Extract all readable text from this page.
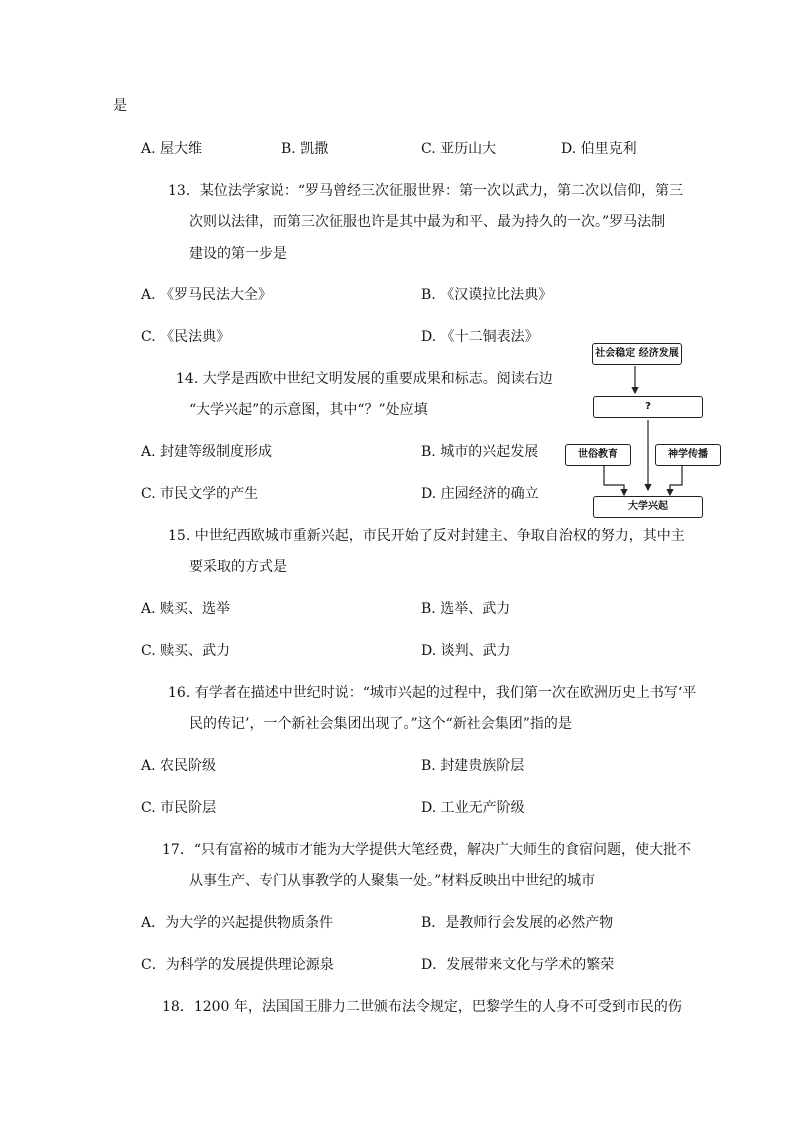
是
A. 屋大维	B. 凯撒	C. 亚历山大	D. 伯里克利
13．某位法学家说：“罗马曾经三次征服世界：第一次以武力，第二次以信仰，第三
次则以法律，而第三次征服也许是其中最为和平、最为持久的一次。”罗马法制
建设的第一步是
A. 《罗马民法大全》	B. 《汉谟拉比法典》
C. 《民法典》	D. 《十二铜表法》
14. 大学是西欧中世纪文明发展的重要成果和标志。阅读右边
“大学兴起”的示意图，其中“？”处应填
A. 封建等级制度形成	B. 城市的兴起发展
C. 市民文学的产生	D. 庄园经济的确立
15. 中世纪西欧城市重新兴起，市民开始了反对封建主、争取自治权的努力，其中主
要采取的方式是
A. 赎买、选举	B. 选举、武力
C. 赎买、武力	D. 谈判、武力
16. 有学者在描述中世纪时说：“城市兴起的过程中，我们第一次在欧洲历史上书写‘平
民的传记’，一个新社会集团出现了。”这个“新社会集团”指的是
A. 农民阶级	B. 封建贵族阶层
C. 市民阶层	D. 工业无产阶级
17．“只有富裕的城市才能为大学提供大笔经费，解决广大师生的食宿问题，使大批不
从事生产、专门从事教学的人聚集一处。”材料反映出中世纪的城市
A．为大学的兴起提供物质条件	B．是教师行会发展的必然产物
C．为科学的发展提供理论源泉	D．发展带来文化与学术的繁荣
18．1200 年，法国国王腓力二世颁布法令规定，巴黎学生的人身不可受到市民的伤
社会稳定 经济发展
?
世俗教育	神学传播
大学兴起
